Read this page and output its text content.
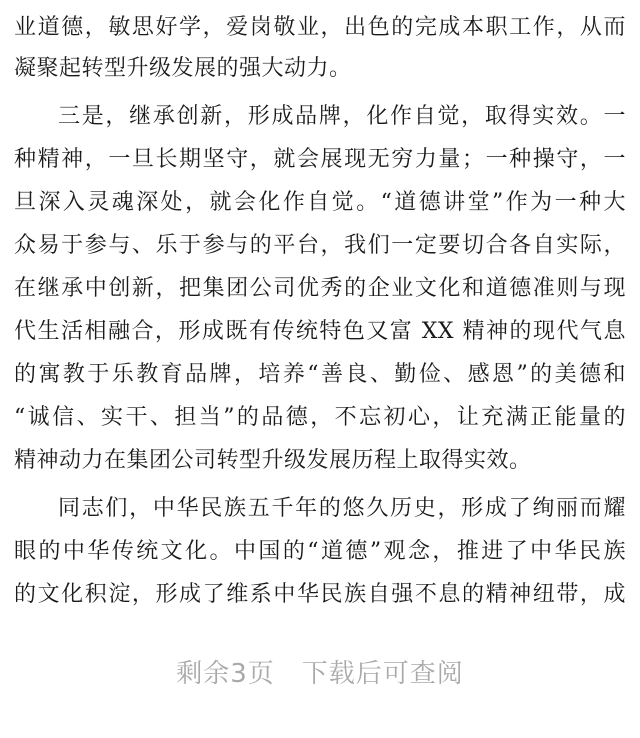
业道德，敏思好学，爱岗敬业，出色的完成本职工作，从而
凝聚起转型升级发展的强大动力。
三是，继承创新，形成品牌，化作自觉，取得实效。一
种精神，一旦长期坚守，就会展现无穷力量；一种操守，一
旦深入灵魂深处，就会化作自觉。“道德讲堂”作为一种大
众易于参与、乐于参与的平台，我们一定要切合各自实际，
在继承中创新，把集团公司优秀的企业文化和道德准则与现
代生活相融合，形成既有传统特色又富 XX 精神的现代气息
的寓教于乐教育品牌，培养“善良、勤俭、感恩”的美德和
“诚信、实干、担当”的品德，不忘初心，让充满正能量的
精神动力在集团公司转型升级发展历程上取得实效。
同志们，中华民族五千年的悠久历史，形成了绚丽而耀
眼的中华传统文化。中国的“道德”观念，推进了中华民族
的文化积淀，形成了维系中华民族自强不息的精神纽带，成
剩余3页　下载后可查阅
